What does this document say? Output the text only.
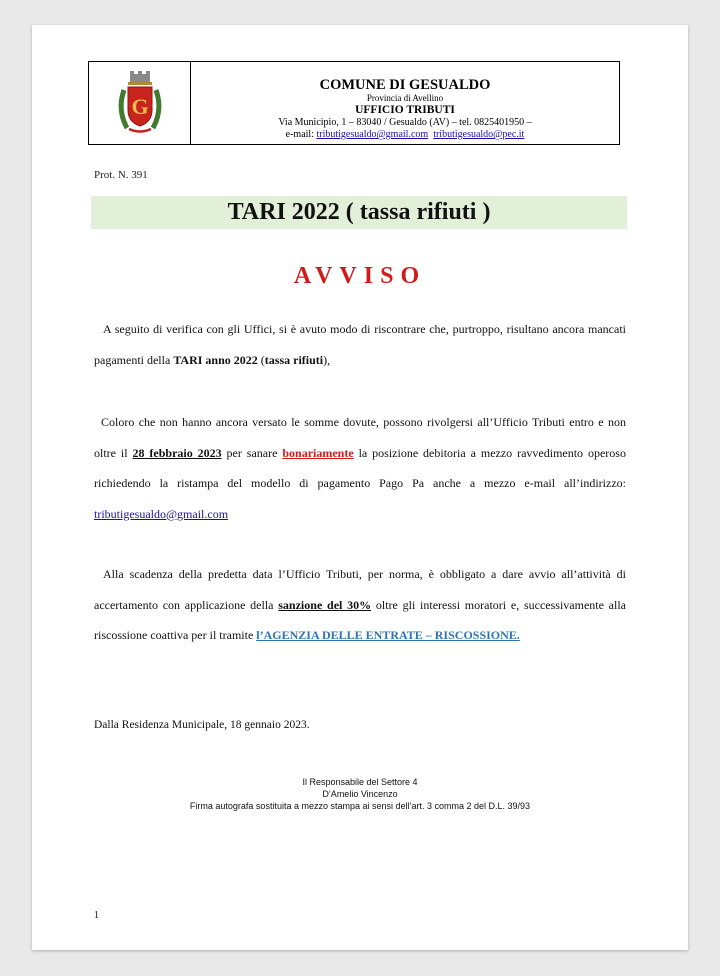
G
COMUNE DI GESUALDO
Provincia di Avellino
UFFICIO TRIBUTI
Via Municipio, 1 – 83040 / Gesualdo (AV) – tel. 0825401950 –
e-mail: tributigesualdo@gmail.com tributigesualdo@pec.it
Prot. N. 391
TARI 2022 ( tassa rifiuti )
AVVISO
A seguito di verifica con gli Uffici, si è avuto modo di riscontrare che, purtroppo, risultano ancora mancati pagamenti della TARI anno 2022 (tassa rifiuti),
Coloro che non hanno ancora versato le somme dovute, possono rivolgersi all’Ufficio Tributi entro e non oltre il 28 febbraio 2023 per sanare bonariamente la posizione debitoria a mezzo ravvedimento operoso richiedendo la ristampa del modello di pagamento Pago Pa anche a mezzo e-mail all’indirizzo: tributigesualdo@gmail.com
Alla scadenza della predetta data l’Ufficio Tributi, per norma, è obbligato a dare avvio all’attività di accertamento con applicazione della sanzione del 30% oltre gli interessi moratori e, successivamente alla riscossione coattiva per il tramite l’AGENZIA DELLE ENTRATE – RISCOSSIONE.
Dalla Residenza Municipale, 18 gennaio 2023.
Il Responsabile del Settore 4
D’Amelio Vincenzo
Firma autografa sostituita a mezzo stampa ai sensi dell’art. 3 comma 2 del D.L. 39/93
1
